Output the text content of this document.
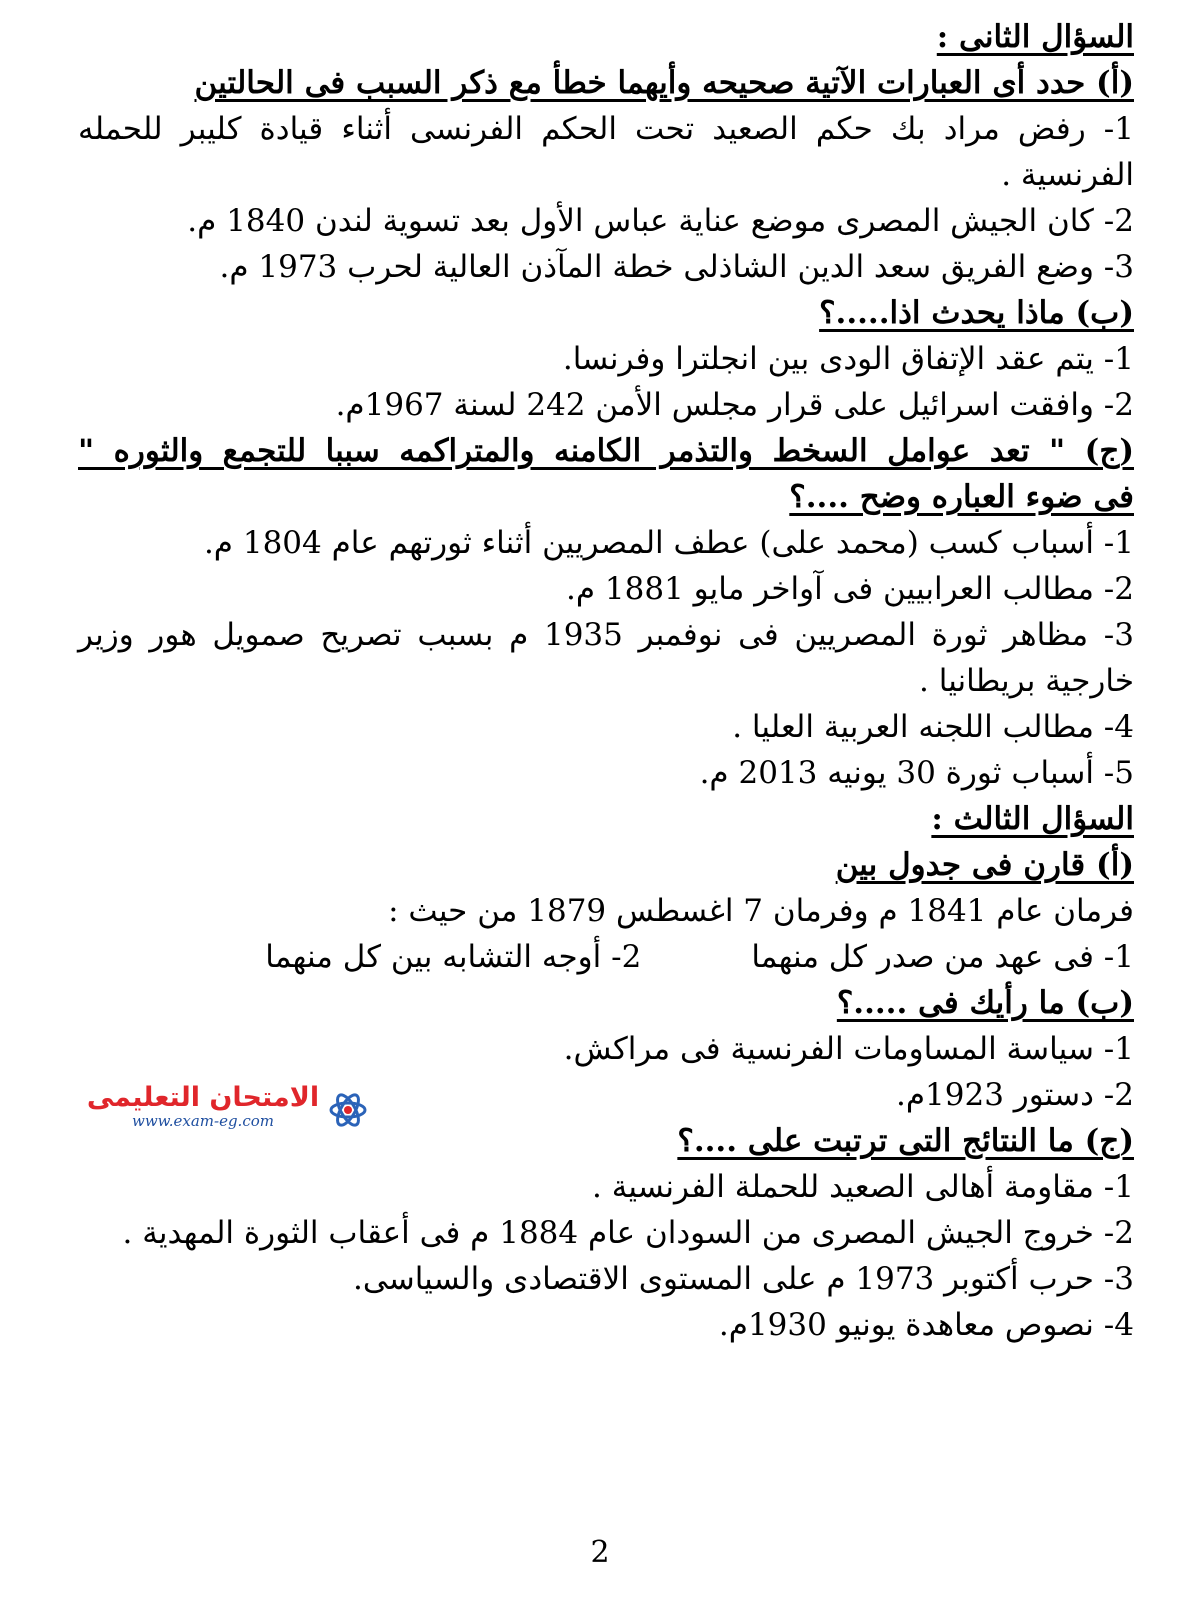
السؤال الثانى :
(أ) حدد أى العبارات الآتية صحيحه وأيهما خطأ مع ذكر السبب فى الحالتين
1- رفض مراد بك حكم الصعيد تحت الحكم الفرنسى أثناء قيادة كليبر للحمله
الفرنسية .
2- كان الجيش المصرى موضع عناية عباس الأول بعد تسوية لندن 1840 م.
3- وضع الفريق سعد الدين الشاذلى خطة المآذن العالية لحرب 1973 م.
(ب) ماذا يحدث اذا.....؟
1- يتم عقد الإتفاق الودى بين انجلترا وفرنسا.
2- وافقت اسرائيل على قرار مجلس الأمن 242 لسنة 1967م.
(ج) " تعد عوامل السخط والتذمر الكامنه والمتراكمه سببا للتجمع والثوره "
فى ضوء العباره وضح ....؟
1- أسباب كسب (محمد على) عطف المصريين أثناء ثورتهم عام 1804 م.
2- مطالب العرابيين فى آواخر مايو 1881 م.
3- مظاهر ثورة المصريين فى نوفمبر 1935 م بسبب تصريح صمويل هور وزير
خارجية بريطانيا .
4- مطالب اللجنه العربية العليا .
5- أسباب ثورة 30 يونيه 2013 م.
السؤال الثالث :
(أ) قارن فى جدول بين
فرمان عام 1841 م وفرمان 7 اغسطس 1879 من حيث :
1- فى عهد من صدر كل منهما
2- أوجه التشابه بين كل منهما
(ب) ما رأيك فى .....؟
1- سياسة المساومات الفرنسية فى مراكش.
2- دستور 1923م.
(ج) ما النتائج التى ترتبت على ....؟
1- مقاومة أهالى الصعيد للحملة الفرنسية .
2- خروج الجيش المصرى من السودان عام 1884 م فى أعقاب الثورة المهدية .
3- حرب أكتوبر 1973 م على المستوى الاقتصادى والسياسى.
4- نصوص معاهدة يونيو 1930م.
الامتحان التعليمى
www.exam-eg.com
2
